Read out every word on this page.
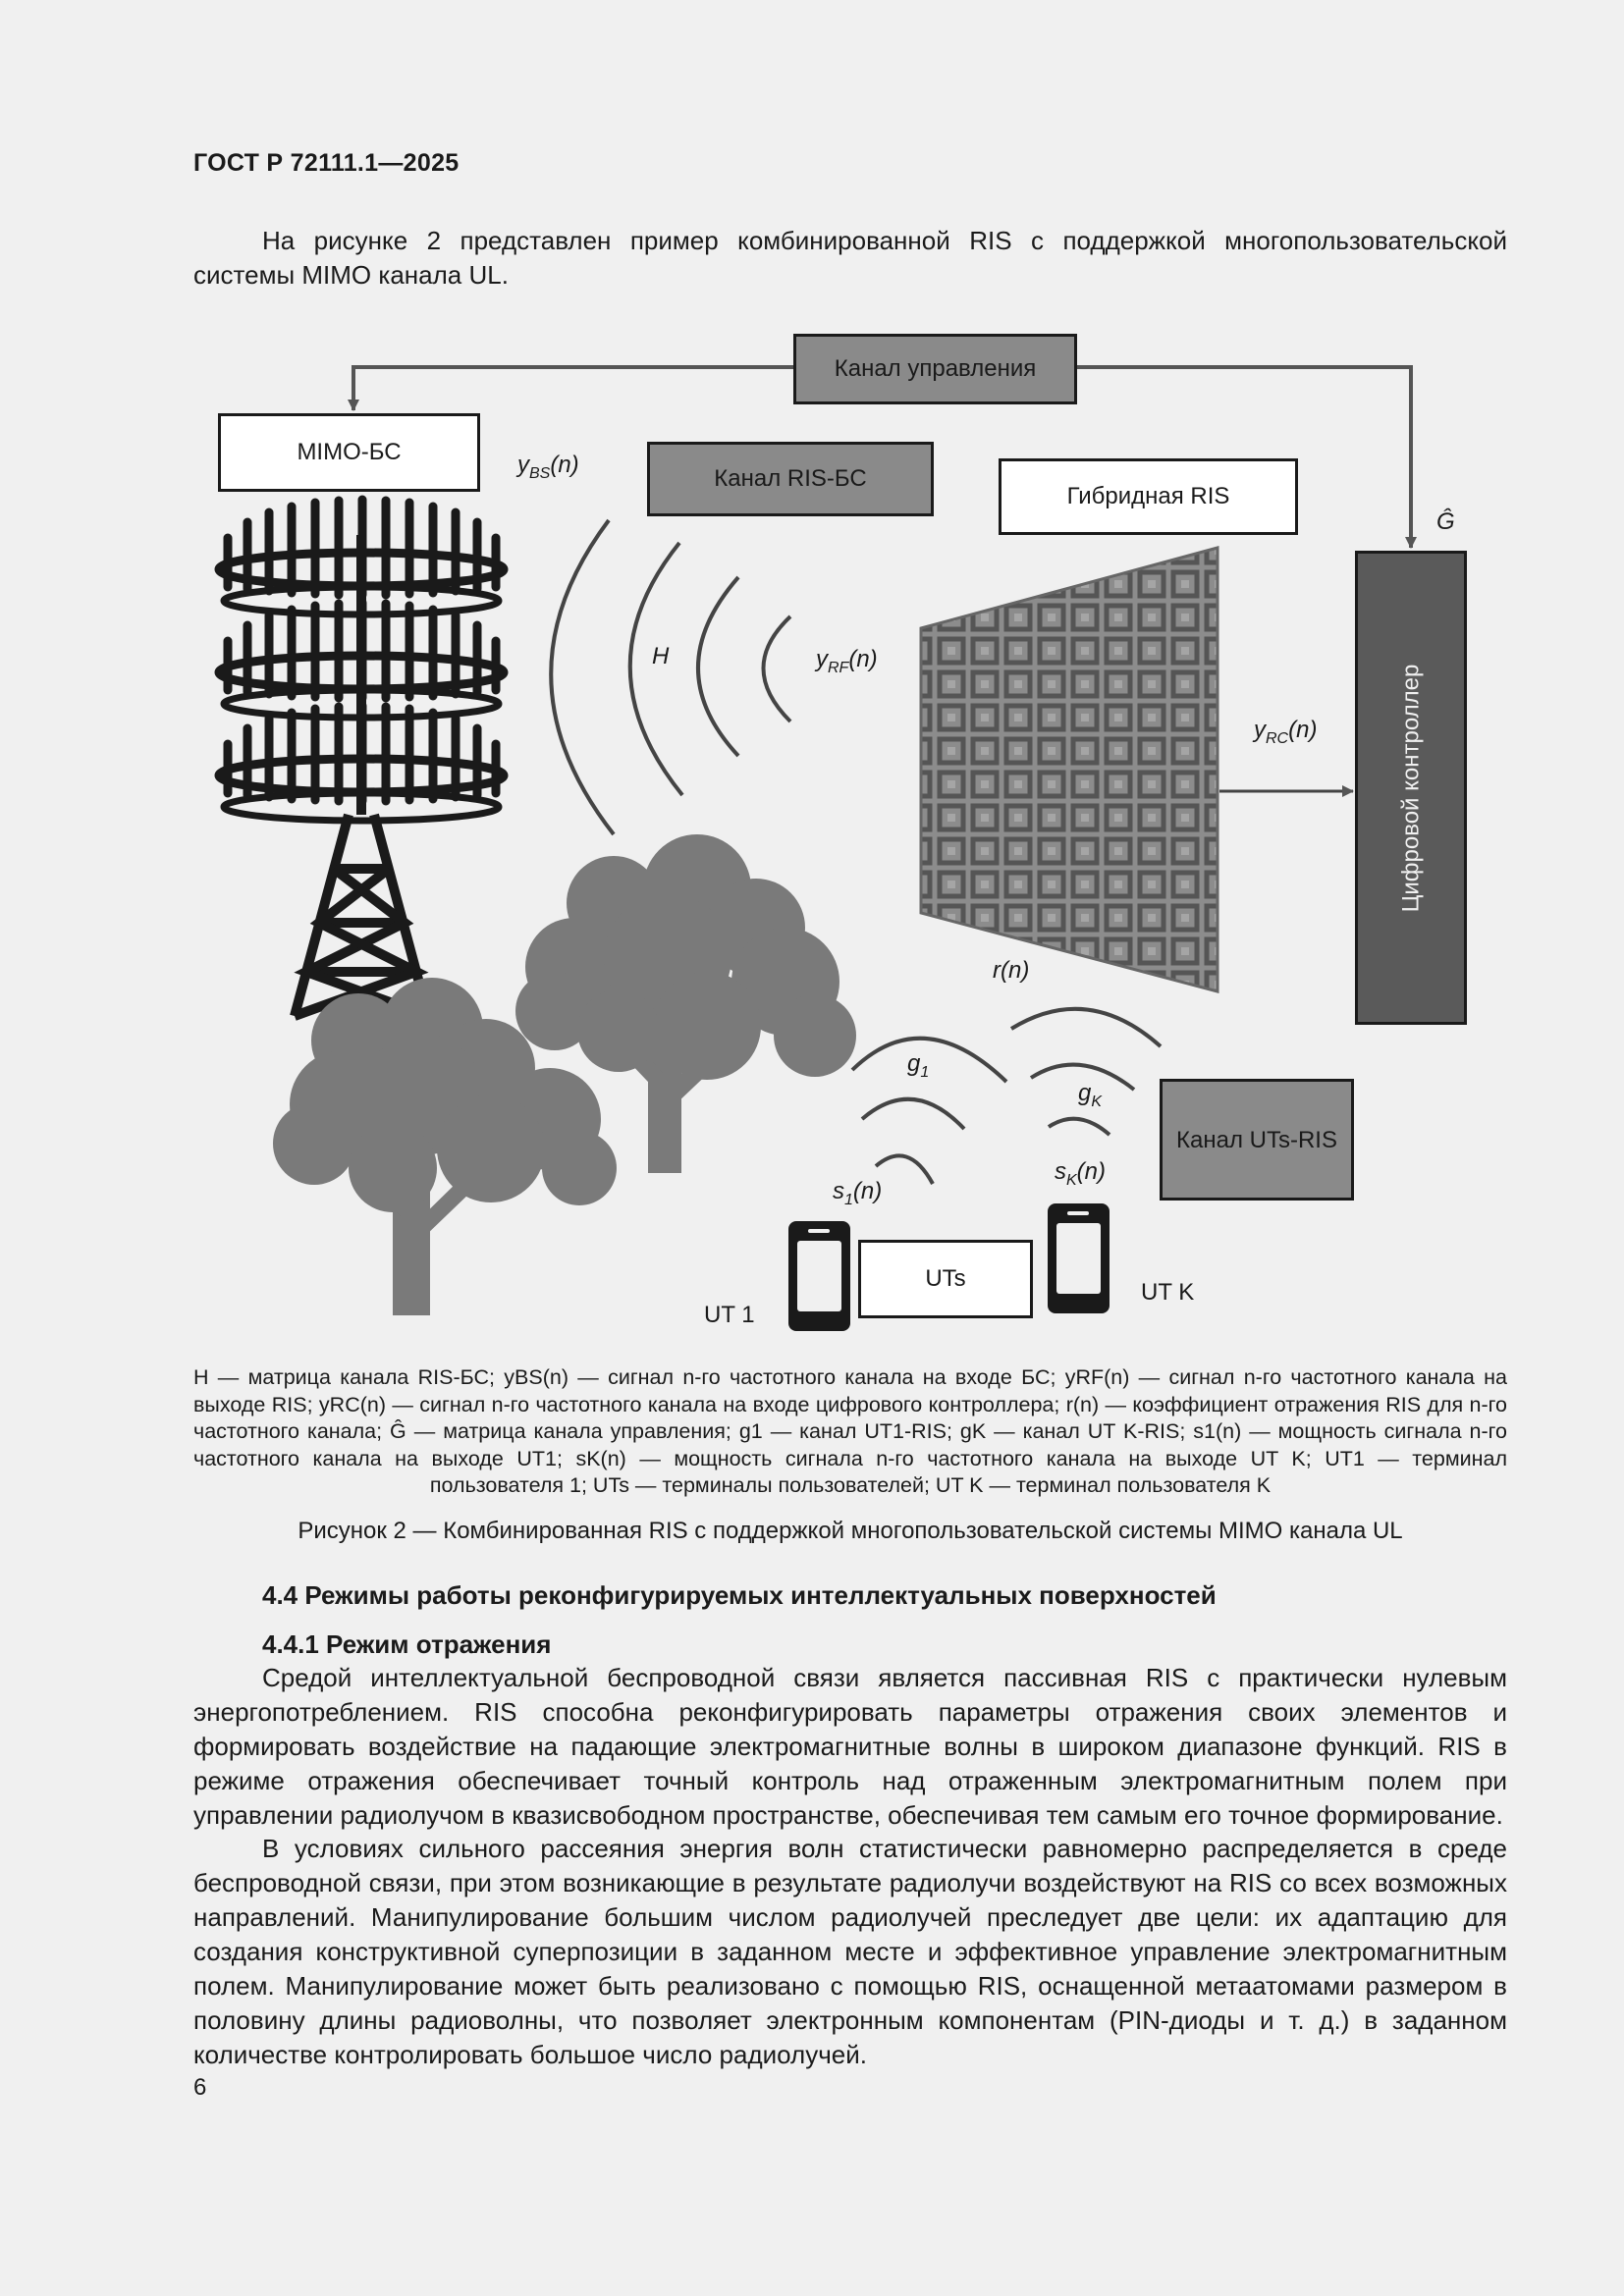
ГОСТ Р 72111.1—2025
На рисунке 2 представлен пример комбинированной RIS с поддержкой многопользовательской системы MIMO канала UL.
Канал управления
MIMO-БС
Канал RIS-БС
Гибридная RIS
Цифровой контроллер
Канал UTs-RIS
UTs
$y_{BS}(n)$
H	$y_{RF}(n)$
$y_{RC}(n)$
r(n)
Ĝ
$g_1$
$g_K$
$s_1(n)$
$s_K(n)$
UT 1
UT K
H — матрица канала RIS-БС; yBS(n) — сигнал n-го частотного канала на входе БС; yRF(n) — сигнал n-го частотного канала на выходе RIS; yRC(n) — сигнал n-го частотного канала на входе цифрового контроллера; r(n) — коэффициент отражения RIS для n-го частотного канала; Ĝ — матрица канала управления; g1 — канал UT1-RIS; gK — канал UT K-RIS; s1(n) — мощность сигнала n-го частотного канала на выходе UT1; sK(n) — мощность сигнала n-го частотного канала на выходе UT K; UT1 — терминал пользователя 1; UTs — терминалы пользователей; UT K — терминал пользователя K
Рисунок 2 — Комбинированная RIS с поддержкой многопользовательской системы MIMO канала UL
4.4 Режимы работы реконфигурируемых интеллектуальных поверхностей
4.4.1 Режим отражения
Средой интеллектуальной беспроводной связи является пассивная RIS с практически нулевым энергопотреблением. RIS способна реконфигурировать параметры отражения своих элементов и формировать воздействие на падающие электромагнитные волны в широком диапазоне функций. RIS в режиме отражения обеспечивает точный контроль над отраженным электромагнитным полем при управлении радиолучом в квазисвободном пространстве, обеспечивая тем самым его точное формирование.
В условиях сильного рассеяния энергия волн статистически равномерно распределяется в среде беспроводной связи, при этом возникающие в результате радиолучи воздействуют на RIS со всех возможных направлений. Манипулирование большим числом радиолучей преследует две цели: их адаптацию для создания конструктивной суперпозиции в заданном месте и эффективное управление электромагнитным полем. Манипулирование может быть реализовано с помощью RIS, оснащенной метаатомами размером в половину длины радиоволны, что позволяет электронным компонентам (PIN-диоды и т. д.) в заданном количестве контролировать большое число радиолучей.
6
